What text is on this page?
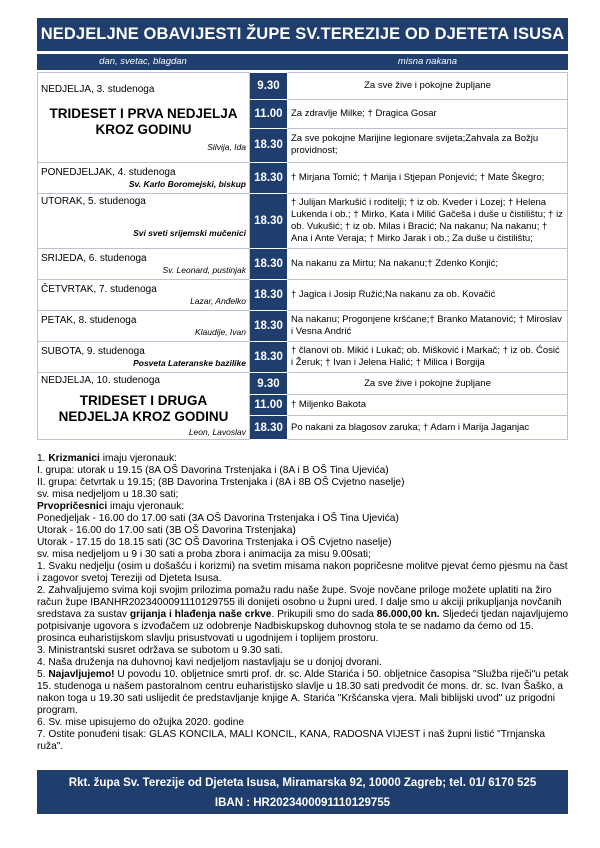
NEDJELJNE OBAVIJESTI ŽUPE SV.TEREZIJE OD DJETETA ISUSA
dan, svetac, blagdan	misna nakana
NEDJELJA, 3. studenoga
TRIDESET I PRVA NEDJELJA
KROZ GODINU
Silvija, Ida	9.30	Za sve žive i pokojne župljane
	11.00	Za zdravlje Milke; † Dragica Gosar
	18.30	Za sve pokojne Marijine legionare svijeta;Zahvala za Božju providnost;

PONEDJELJAK, 4. studenoga
Sv. Karlo Boromejski, biskup	18.30	† Mirjana Tomić; † Marija i Stjepan Ponjević; † Mate Škegro;

UTORAK, 5. studenoga
Svi sveti srijemski mučenici	18.30	† Julijan Markušić i roditelji; † iz ob. Kveder i Lozej; † Helena Lukenda i ob.; † Mirko, Kata i Milić Gačeša i duše u čistilištu; † iz ob. Vukušić; † iz ob. Milas i Bracić; Na nakanu; Na nakanu; † Ana i Ante Veraja; † Mirko Jarak i ob.; Za duše u čistilištu;

SRIJEDA, 6. studenoga
Sv. Leonard, pustinjak	18.30	Na nakanu za Mirtu; Na nakanu;† Zdenko Konjić;

ČETVRTAK, 7. studenoga
Lazar, Anđelko	18.30	† Jagica i Josip Ružić;Na nakanu za ob. Kovačić

PETAK, 8. studenoga
Klaudije, Ivan	18.30	Na nakanu; Progonjene kršćane;† Branko Matanović; † Miroslav i Vesna Andrić

SUBOTA, 9. studenoga
Posveta Lateranske bazilike	18.30	† članovi ob. Mikić i Lukač; ob. Mišković i Markač; † iz ob. Ćosić i Žeruk; † Ivan i Jelena Halić; † Milica i Borgija

NEDJELJA, 10. studenoga
TRIDESET I DRUGA
NEDJELJA KROZ GODINU
Leon, Lavoslav	9.30	Za sve žive i pokojne župljane
	11.00	† Miljenko Bakota
	18.30	Po nakani za blagosov zaruka; † Adam i Marija Jaganjac

1. Krizmanici imaju vjeronauk:

I. grupa: utorak u 19.15 (8A OŠ Davorina Trstenjaka i (8A i B OŠ Tina Ujevića)

II. grupa: četvrtak u 19.15; (8B Davorina Trstenjaka i (8A i 8B OŠ Cvjetno naselje)

sv. misa nedjeljom u 18.30 sati;

Prvopričesnici imaju vjeronauk:

Ponedjeljak - 16.00 do 17.00 sati (3A OŠ Davorina Trstenjaka i OŠ Tina Ujevića)

Utorak - 16.00 do 17.00 sati (3B OŠ Davorina Trstenjaka)

Utorak - 17.15 do 18.15 sati (3C OŠ Davorina Trstenjaka i OŠ Cvjetno naselje)

sv. misa nedjeljom u 9 i 30 sati a proba zbora i animacija za misu 9.00sati;

1. Svaku nedjelju (osim u došašću i korizmi) na svetim misama nakon popričesne molitve pjevat ćemo pjesmu na čast i zagovor svetoj Tereziji od Djeteta Isusa.

2. Zahvaljujemo svima koji svojim prilozima pomažu radu naše župe. Svoje novčane priloge možete uplatiti na žiro račun župe IBANHR2023400091110129755 ili donijeti osobno u župni ured. I dalje smo u akciji prikupljanja novčanih sredstava za sustav grijanja i hlađenja naše crkve. Prikupili smo do sada 86.000,00 kn. Sljedeći tjedan najavljujemo potpisivanje ugovora s izvođačem uz odobrenje Nadbiskupskog duhovnog stola te se nadamo da ćemo od 15. prosinca euharistijskom slavlju prisustvovati u ugodnijem i toplijem prostoru.

3. Ministrantski susret održava se subotom u 9.30 sati.

4. Naša druženja na duhovnoj kavi nedjeljom nastavljaju se u donjoj dvorani.

5. Najavljujemo! U povodu 10. obljetnice smrti prof. dr. sc. Alde Starića i 50. obljetnice časopisa "Služba riječi"u petak 15. studenoga u našem pastoralnom centru euharistijsko slavlje u 18.30 sati predvodit će mons. dr. sc. Ivan Šaško, a nakon toga u 19.30 sati uslijedit će predstavljanje knjige A. Starića "Kršćanska vjera. Mali biblijski uvod" uz prigodni program.

6. Sv. mise upisujemo do ožujka 2020. godine

7. Ostite ponuđeni tisak: GLAS KONCILA, MALI KONCIL, KANA, RADOSNA VIJEST i naš župni listić "Trnjanska ruža".

Rkt. župa Sv. Terezije od Djeteta Isusa, Miramarska 92, 10000 Zagreb; tel. 01/ 6170 525
IBAN : HR2023400091110129755
